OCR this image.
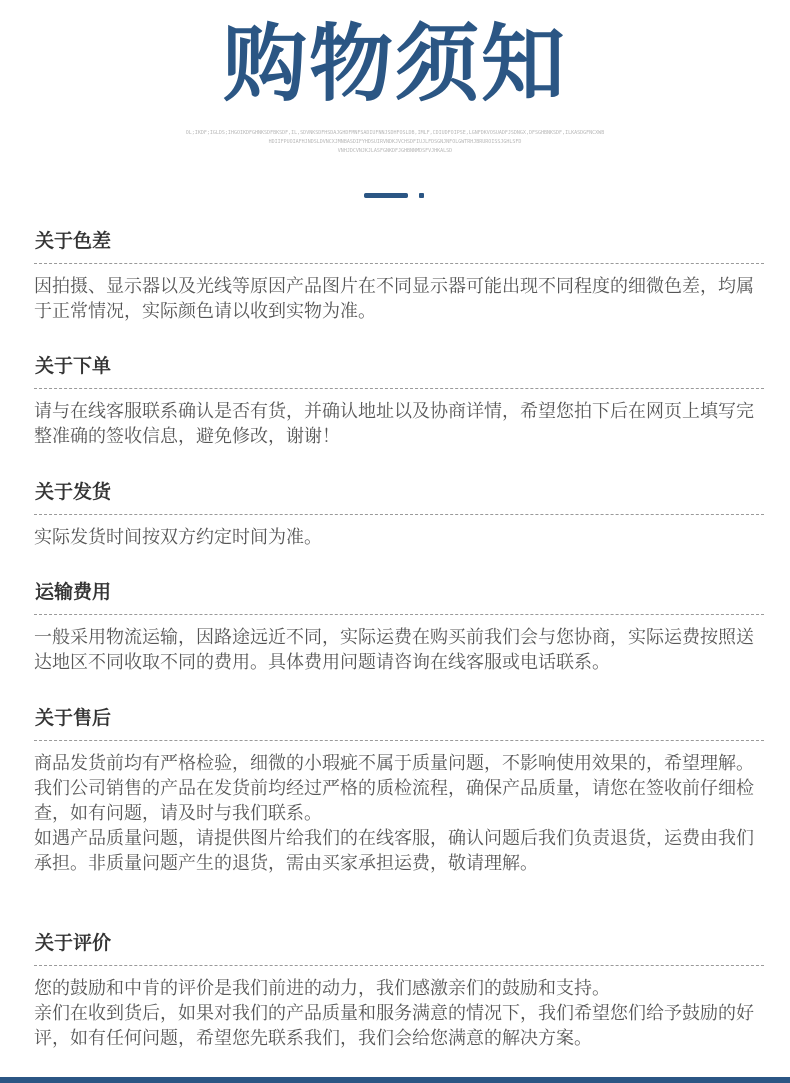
购物须知
OL;IKDF;IGLDS;IHGOIKDFGHNKSDFBKSDF,IL,SDVNKSDFHSDAJGHDFMNFSADIUFNNJSDHFOSLDB,IMLF,CDIUDFOIPSE,LGNFDKVOSUADFJSDNGX,DFSGHBNKSDF,ILKASDGFNCXWB
HDIIFPUOIAFHJNDSLDVNCXJMNBASDIFYHDSUIRVNDKJVCHSDFIUJLFDSGNJNFOLGWTRHJBRUROISSJGHLSFD
VNHJDCVNJKJLASFGNKDFJGHBNNMDSFVJHKALSD
关于色差

因拍摄、显示器以及光线等原因产品图片在不同显示器可能出现不同程度的细微色差，均属于正常情况，实际颜色请以收到实物为准。

关于下单

请与在线客服联系确认是否有货，并确认地址以及协商详情，希望您拍下后在网页上填写完整准确的签收信息，避免修改，谢谢！

关于发货

实际发货时间按双方约定时间为准。

运输费用

一般采用物流运输，因路途远近不同，实际运费在购买前我们会与您协商，实际运费按照送达地区不同收取不同的费用。具体费用问题请咨询在线客服或电话联系。

关于售后

商品发货前均有严格检验，细微的小瑕疵不属于质量问题，不影响使用效果的，希望理解。

我们公司销售的产品在发货前均经过严格的质检流程，确保产品质量，请您在签收前仔细检查，如有问题，请及时与我们联系。

如遇产品质量问题，请提供图片给我们的在线客服，确认问题后我们负责退货，运费由我们承担。非质量问题产生的退货，需由买家承担运费，敬请理解。

关于评价

您的鼓励和中肯的评价是我们前进的动力，我们感激亲们的鼓励和支持。

亲们在收到货后，如果对我们的产品质量和服务满意的情况下，我们希望您们给予鼓励的好评，如有任何问题，希望您先联系我们，我们会给您满意的解决方案。
